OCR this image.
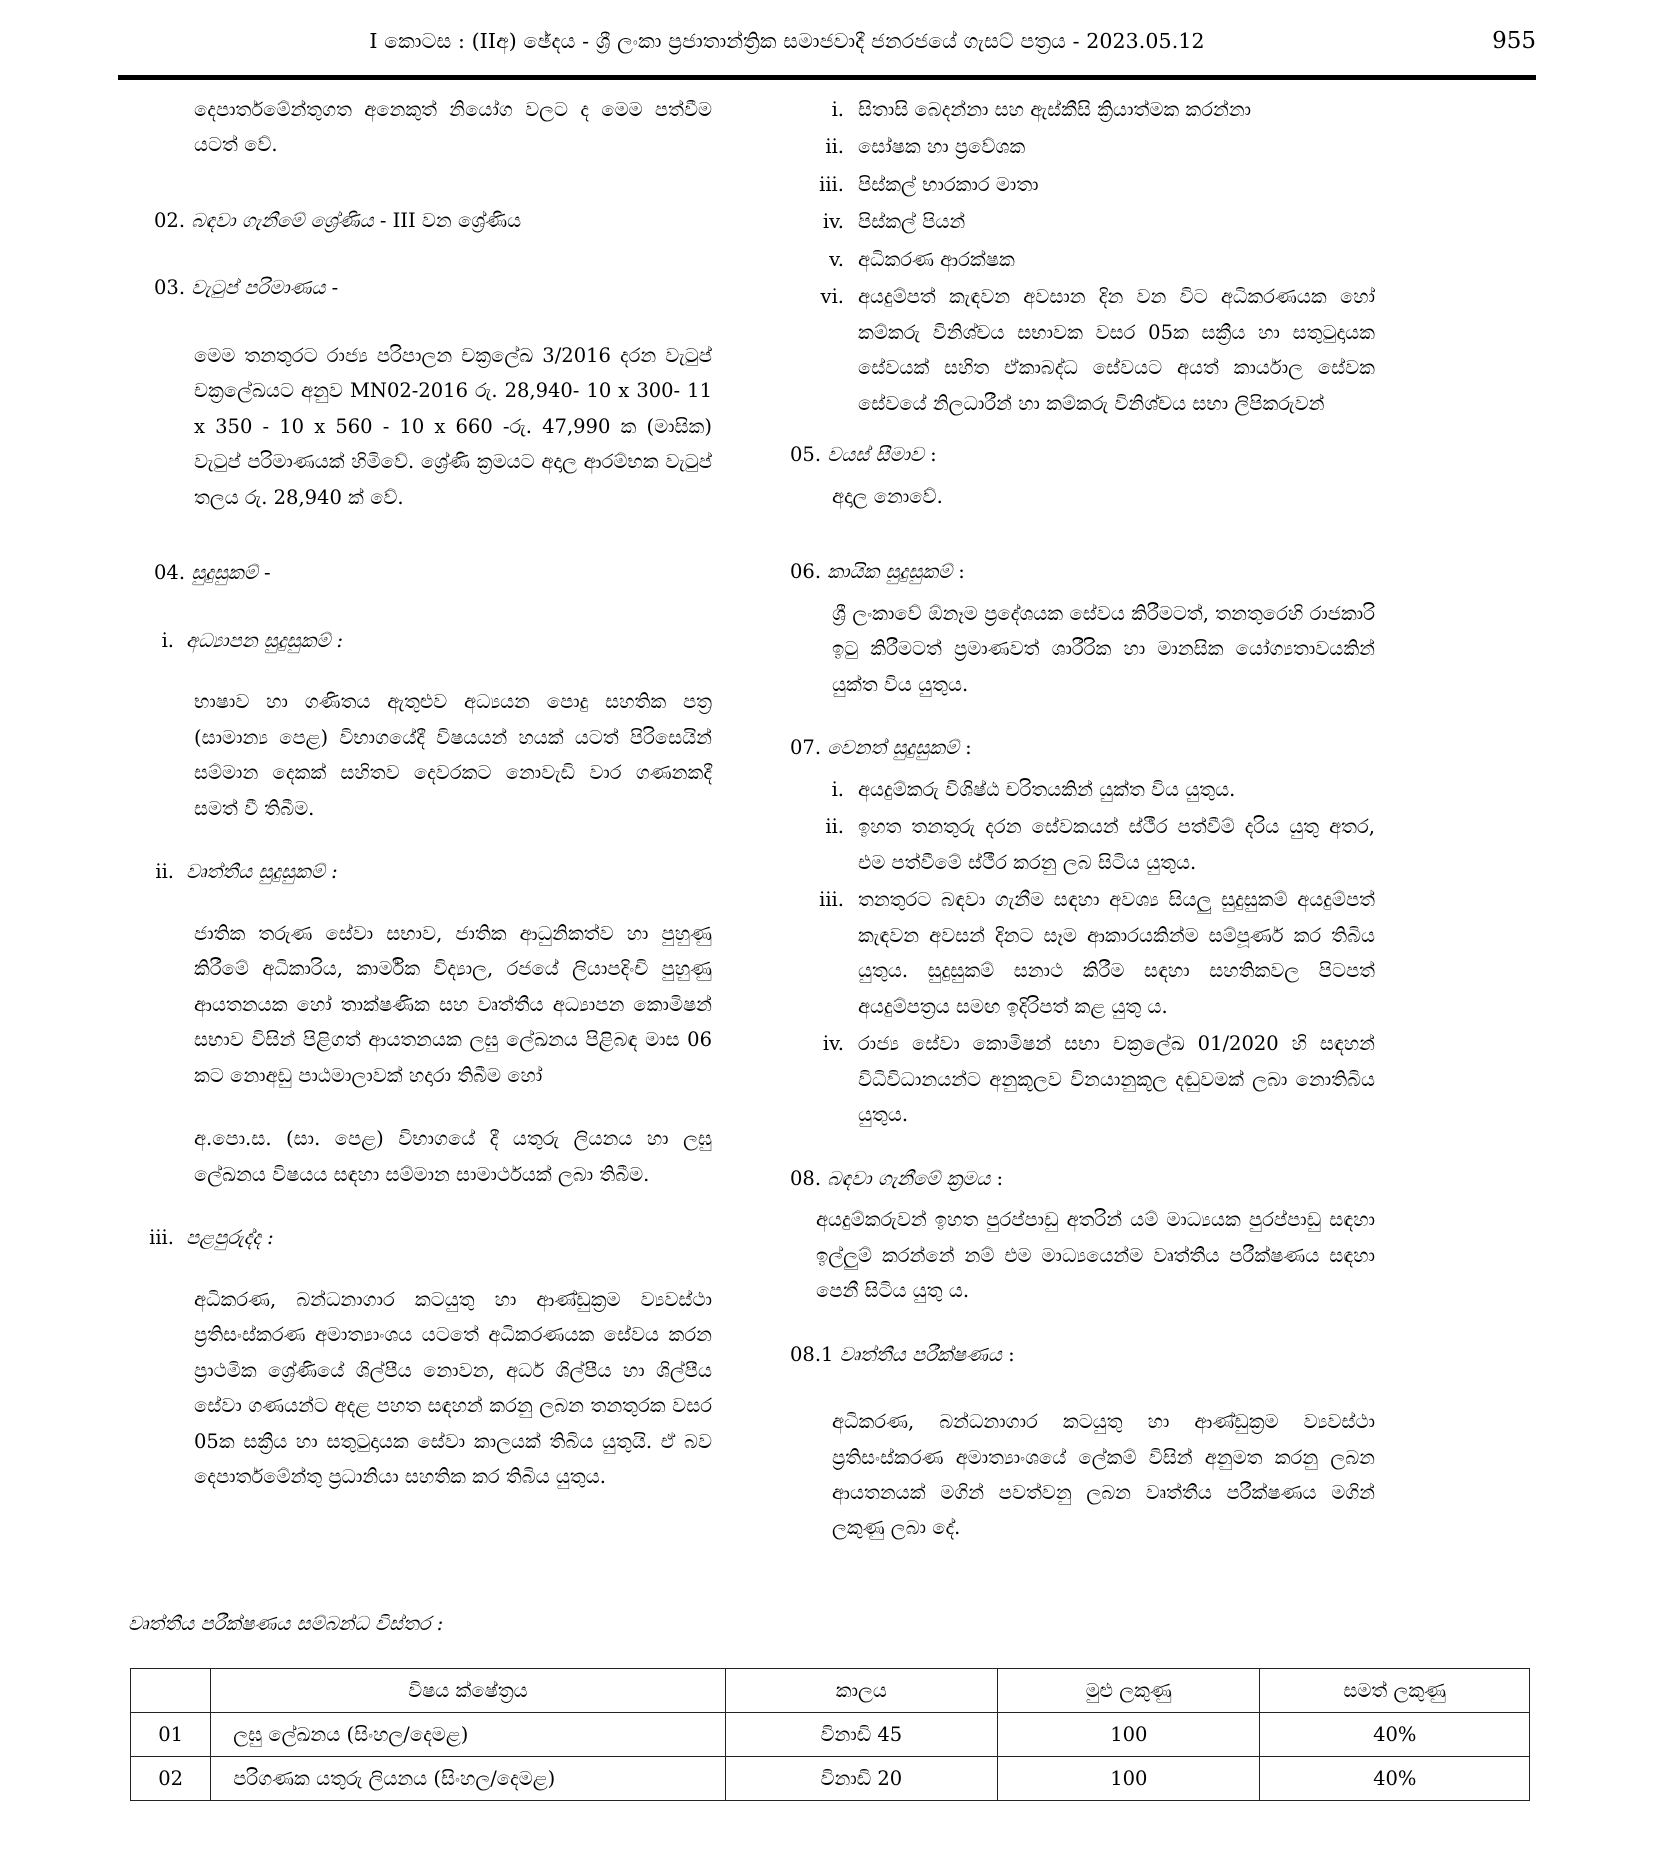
I කොටස : (IIඅ) ඡේදය - ශ්‍රී ලංකා ප්‍රජාතාන්ත්‍රික සමාජවාදී ජනරජයේ ගැසට් පත්‍රය - 2023.05.12	955
දෙපාර්තමේන්තුගත අනෙකුත් නියෝග වලට ද මෙම පත්වීම යටත් වේ.
02. බඳවා ගැනීමේ ශ්‍රේණිය - III වන ශ්‍රේණිය
03. වැටුප් පරිමාණය -
මෙම තනතුරට රාජ්‍ය පරිපාලන චක්‍රලේඛ 3/2016 දරන වැටුප් චක්‍රලේඛයට අනුව MN02-2016 රු. 28,940- 10 x 300- 11 x 350 - 10 x 560 - 10 x 660 -රු. 47,990 ක (මාසික) වැටුප් පරිමාණයක් හිමිවේ. ශ්‍රේණි ක්‍රමයට අදාල ආරම්භක වැටුප් තලය රු. 28,940 ක් වේ.
04. සුදුසුකම් -
i. අධ්‍යාපන සුදුසුකම් :
භාෂාව හා ගණිතය ඇතුළුව අධ්‍යයන පොදු සහතික පත්‍ර (සාමාන්‍ය පෙළ) විභාගයේදී විෂයයන් හයක් යටත් පිරිසෙයින් සම්මාන දෙකක් සහිතව දෙවරකට නොවැඩි වාර ගණනකදී සමත් වී තිබීම.
ii. වෘත්තීය සුදුසුකම් :
ජාතික තරුණ සේවා සභාව, ජාතික ආධුනිකත්ව හා පුහුණු කිරීමේ අධිකාරිය, කාර්මික විද්‍යාල, රජයේ ලියාපදිංචි පුහුණු ආයතනයක හෝ තාක්ෂණික සහ වෘත්තීය අධ්‍යාපන කොමිෂන් සභාව විසින් පිළිගත් ආයතනයක ලඝු ලේඛනය පිළිබඳ මාස 06 කට නොඅඩු පාඨමාලාවක් හදාරා තිබීම හෝ
අ.පො.ස. (සා. පෙළ) විභාගයේ දී යතුරු ලියනය හා ලඝු ලේඛනය විෂයය සඳහා සම්මාන සාමාර්ථයක් ලබා තිබීම.
iii. පළපුරුද්ද :
අධිකරණ, බන්ධනාගාර කටයුතු හා ආණ්ඩුක්‍රම ව්‍යවස්ථා ප්‍රතිසංස්කරණ අමාත්‍යාංශය යටතේ අධිකරණයක සේවය කරන ප්‍රාථමික ශ්‍රේණියේ ශිල්පීය නොවන, අර්ධ ශිල්පීය හා ශිල්පීය සේවා ගණයන්ට අදළ පහත සඳහන් කරනු ලබන තනතුරක වසර 05ක සක්‍රීය හා සතුටුදායක සේවා කාලයක් තිබිය යුතුයි. ඒ බව දෙපාර්තමේන්තු ප්‍රධානියා සහතික කර තිබිය යුතුය.
i. සිතාසි බෙදන්නා සහ ඇස්කීසි ක්‍රියාත්මක කරන්නා
ii. සෝෂක හා ප්‍රවේශක
iii. පිස්කල් භාරකාර මාතා
iv. පිස්කල් පියන්
v. අධිකරණ ආරක්ෂක
vi. අයදුම්පත් කැඳවන අවසාන දින වන විට අධිකරණයක හෝ කම්කරු විනිශ්චය සභාවක වසර 05ක සක්‍රීය හා සතුටුදායක සේවයක් සහිත ඒකාබද්ධ සේවයට අයත් කාර්යාල සේවක සේවයේ නිලධාරීන් හා කම්කරු විනිශ්චය සභා ලිපිකරුවන්
05. වයස් සීමාව :
අදාල නොවේ.
06. කායික සුදුසුකම් :
ශ්‍රී ලංකාවේ ඕනෑම ප්‍රදේශයක සේවය කිරීමටත්, තනතුරෙහි රාජකාරි ඉටු කිරීමටත් ප්‍රමාණවත් ශාරීරික හා මානසික යෝග්‍යතාවයකින් යුක්ත විය යුතුය.
07. වෙනත් සුදුසුකම් :
i. අයදුම්කරු විශිෂ්ඨ චරිතයකින් යුක්ත විය යුතුය.
ii. ඉහත තනතුරු දරන සේවකයන් ස්ථීර පත්වීම් දරිය යුතු අතර, එම පත්වීමේ ස්ථීර කරනු ලබ සිටිය යුතුය.
iii. තනතුරට බඳවා ගැනීම සඳහා අවශ්‍ය සියලු සුදුසුකම් අයදුම්පත් කැඳවන අවසන් දිනට සෑම ආකාරයකින්ම සම්පූර්ණ කර තිබිය යුතුය. සුදුසුකම් සනාථ කිරීම සඳහා සහතිකවල පිටපත් අයදුම්පත්‍රය සමඟ ඉදිරිපත් කළ යුතු ය.
iv. රාජ්‍ය සේවා කොමිෂන් සභා චක්‍රලේඛ 01/2020 හි සඳහන් විධිවිධානයන්ට අනුකූලව විනයානුකූල දඬුවමක් ලබා නොතිබිය යුතුය.
08. බඳවා ගැනීමේ ක්‍රමය :
අයදුම්කරුවන් ඉහත පුරප්පාඩු අතරින් යම් මාධ්‍යයක පුරප්පාඩු සඳහා ඉල්ලුම් කරන්නේ නම් එම මාධ්‍යයෙන්ම වෘත්තීය පරීක්ෂණය සඳහා පෙනී සිටිය යුතු ය.
08.1 වෘත්තීය පරීක්ෂණය :
අධිකරණ, බන්ධනාගාර කටයුතු හා ආණ්ඩුක්‍රම ව්‍යවස්ථා ප්‍රතිසංස්කරණ අමාත්‍යාංශයේ ලේකම් විසින් අනුමත කරනු ලබන ආයතනයක් මගින් පවත්වනු ලබන වෘත්තීය පරීක්ෂණය මගින් ලකුණු ලබා දේ.
වෘත්තීය පරීක්ෂණය සම්බන්ධ විස්තර :
	විෂය ක්ෂේත්‍රය	කාලය	මුළු ලකුණු	සමත් ලකුණු
01	ලඝු ලේඛනය (සිංහල/දෙමළ)	විනාඩි 45	100	40%
02	පරිගණක යතුරු ලියනය (සිංහල/දෙමළ)	විනාඩි 20	100	40%
